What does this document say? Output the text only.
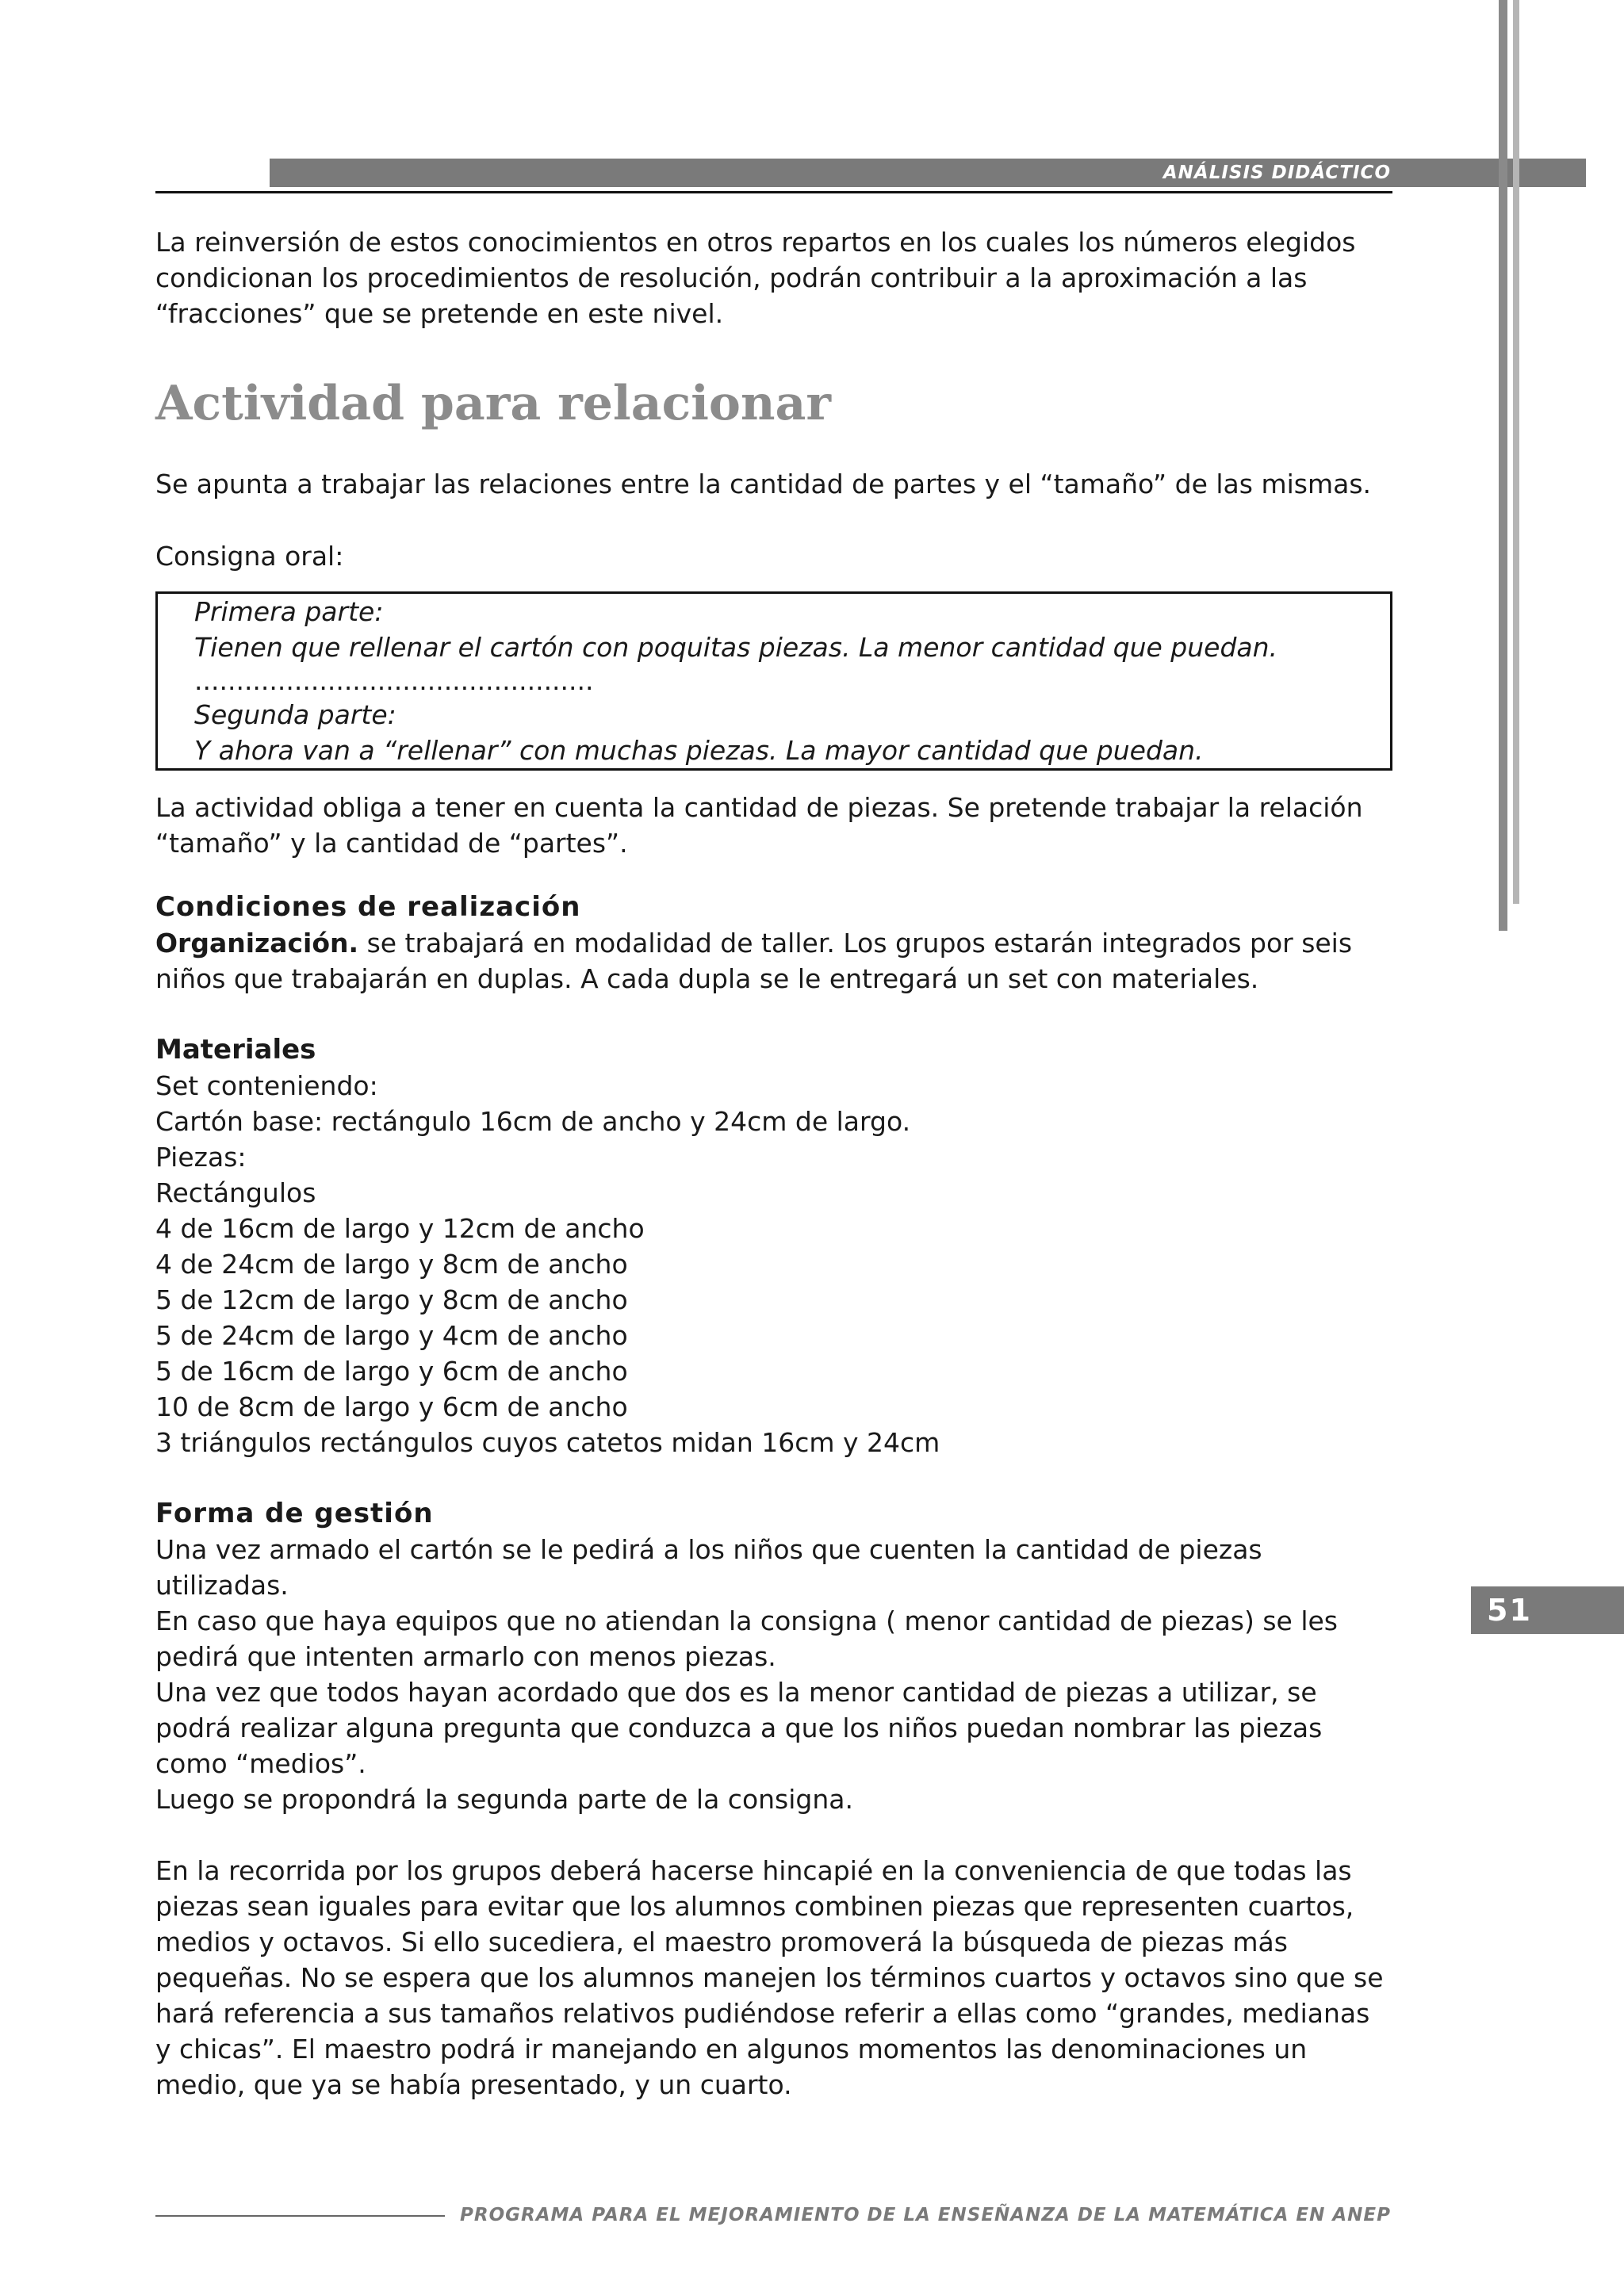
ANÁLISIS DIDÁCTICO
La reinversión de estos conocimientos en otros repartos en los cuales los números elegidos
condicionan los procedimientos de resolución, podrán contribuir a la aproximación a las
“fracciones” que se pretende en este nivel.
Actividad para relacionar
Se apunta a trabajar las relaciones entre la cantidad de partes y el “tamaño” de las mismas.
Consigna oral:
Primera parte:
Tienen que rellenar el cartón con poquitas piezas. La menor cantidad que puedan.
................................................
Segunda parte:
Y ahora van a “rellenar” con muchas piezas. La mayor cantidad que puedan.
La actividad obliga a tener en cuenta la cantidad de piezas. Se pretende trabajar la relación
“tamaño” y la cantidad de “partes”.
Condiciones de realización
Organización. se trabajará en modalidad de taller. Los grupos estarán integrados por seis
niños que trabajarán en duplas. A cada dupla se le entregará un set con materiales.
Materiales
Set conteniendo:
Cartón base: rectángulo 16cm de ancho y 24cm de largo.
Piezas:
Rectángulos
4 de 16cm de largo y 12cm de ancho
4 de 24cm de largo y 8cm de ancho
5 de 12cm de largo y 8cm de ancho
5 de 24cm de largo y 4cm de ancho
5 de 16cm de largo y 6cm de ancho
10 de 8cm de largo y 6cm de ancho
3 triángulos rectángulos cuyos catetos midan 16cm y 24cm
Forma de gestión
Una vez armado el cartón se le pedirá a los niños que cuenten la cantidad de piezas utilizadas.
En caso que haya equipos que no atiendan la consigna ( menor cantidad de piezas) se les
pedirá que intenten armarlo con menos piezas.
Una vez que todos hayan acordado que dos es la menor cantidad de piezas a utilizar, se
podrá realizar alguna pregunta que conduzca a que los niños puedan nombrar las piezas
como “medios”.
Luego se propondrá la segunda parte de la consigna.
En la recorrida por los grupos deberá hacerse hincapié en la conveniencia de que todas las
piezas sean iguales para evitar que los alumnos combinen piezas que representen cuartos,
medios y octavos. Si ello sucediera, el maestro promoverá la búsqueda de piezas más
pequeñas. No se espera que los alumnos manejen los términos cuartos y octavos sino que se
hará referencia a sus tamaños relativos pudiéndose referir a ellas como “grandes, medianas
y chicas”. El maestro podrá ir manejando en algunos momentos las denominaciones un
medio, que ya se había presentado, y un cuarto.
51
PROGRAMA PARA EL MEJORAMIENTO DE LA ENSEÑANZA DE LA MATEMÁTICA EN ANEP
